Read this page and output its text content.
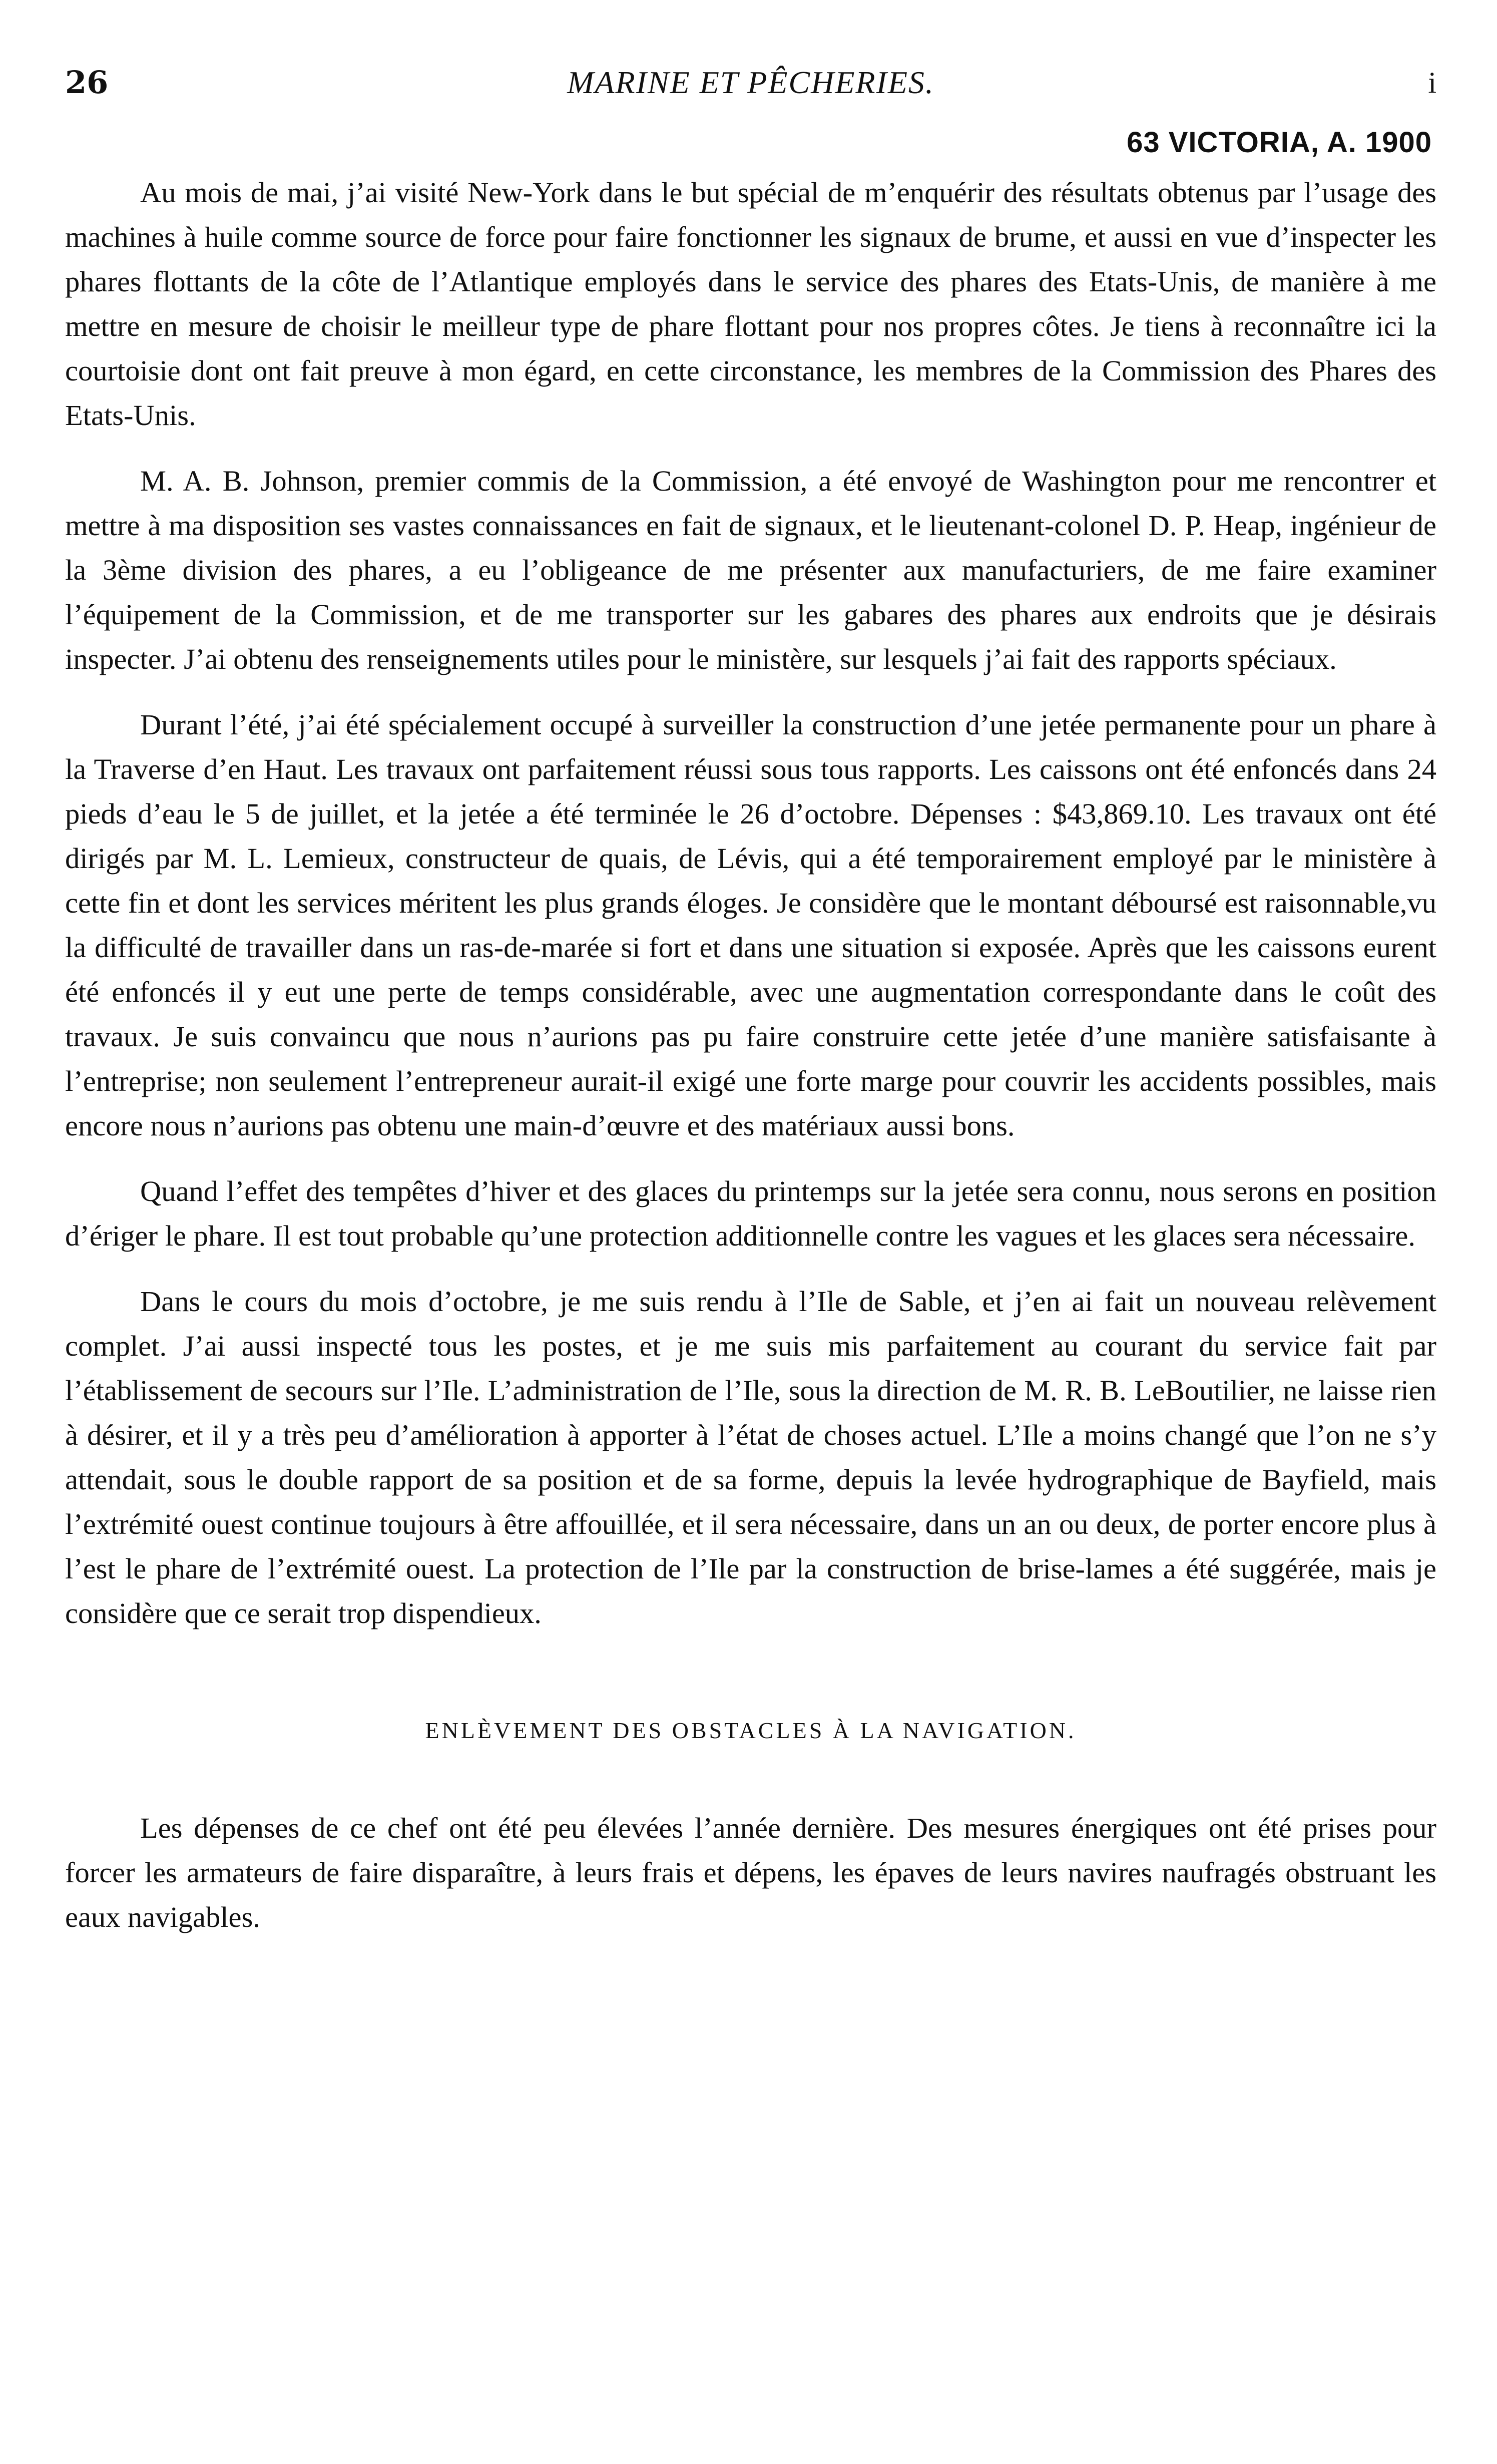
26	MARINE ET PÊCHERIES.	i
63 VICTORIA, A. 1900

Au mois de mai, j’ai visité New-York dans le but spécial de m’enquérir des résultats obtenus par l’usage des machines à huile comme source de force pour faire fonctionner les signaux de brume, et aussi en vue d’inspecter les phares flottants de la côte de l’Atlantique employés dans le service des phares des Etats-Unis, de manière à me mettre en mesure de choisir le meilleur type de phare flottant pour nos propres côtes. Je tiens à reconnaître ici la courtoisie dont ont fait preuve à mon égard, en cette circonstance, les membres de la Commission des Phares des Etats-Unis.

M. A. B. Johnson, premier commis de la Commission, a été envoyé de Washington pour me rencontrer et mettre à ma disposition ses vastes connaissances en fait de signaux, et le lieutenant-colonel D. P. Heap, ingénieur de la 3ème division des phares, a eu l’obligeance de me présenter aux manufacturiers, de me faire examiner l’équipement de la Commission, et de me transporter sur les gabares des phares aux endroits que je désirais inspecter. J’ai obtenu des renseignements utiles pour le ministère, sur lesquels j’ai fait des rapports spéciaux.

Durant l’été, j’ai été spécialement occupé à surveiller la construction d’une jetée permanente pour un phare à la Traverse d’en Haut. Les travaux ont parfaitement réussi sous tous rapports. Les caissons ont été enfoncés dans 24 pieds d’eau le 5 de juillet, et la jetée a été terminée le 26 d’octobre. Dépenses : $43,869.10. Les travaux ont été dirigés par M. L. Lemieux, constructeur de quais, de Lévis, qui a été temporairement employé par le ministère à cette fin et dont les services méritent les plus grands éloges. Je considère que le montant déboursé est raisonnable,vu la difficulté de travailler dans un ras-de-marée si fort et dans une situation si exposée. Après que les caissons eurent été enfoncés il y eut une perte de temps considérable, avec une augmentation correspondante dans le coût des travaux. Je suis convaincu que nous n’aurions pas pu faire construire cette jetée d’une manière satisfaisante à l’entreprise; non seulement l’entrepreneur aurait-il exigé une forte marge pour couvrir les accidents possibles, mais encore nous n’aurions pas obtenu une main-d’œuvre et des matériaux aussi bons.

Quand l’effet des tempêtes d’hiver et des glaces du printemps sur la jetée sera connu, nous serons en position d’ériger le phare. Il est tout probable qu’une protection additionnelle contre les vagues et les glaces sera nécessaire.

Dans le cours du mois d’octobre, je me suis rendu à l’Ile de Sable, et j’en ai fait un nouveau relèvement complet. J’ai aussi inspecté tous les postes, et je me suis mis parfaitement au courant du service fait par l’établissement de secours sur l’Ile. L’administration de l’Ile, sous la direction de M. R. B. LeBoutilier, ne laisse rien à désirer, et il y a très peu d’amélioration à apporter à l’état de choses actuel. L’Ile a moins changé que l’on ne s’y attendait, sous le double rapport de sa position et de sa forme, depuis la levée hydrographique de Bayfield, mais l’extrémité ouest continue toujours à être affouillée, et il sera nécessaire, dans un an ou deux, de porter encore plus à l’est le phare de l’extrémité ouest. La protection de l’Ile par la construction de brise-lames a été suggérée, mais je considère que ce serait trop dispendieux.

ENLÈVEMENT DES OBSTACLES À LA NAVIGATION.

Les dépenses de ce chef ont été peu élevées l’année dernière. Des mesures énergiques ont été prises pour forcer les armateurs de faire disparaître, à leurs frais et dépens, les épaves de leurs navires naufragés obstruant les eaux navigables.
